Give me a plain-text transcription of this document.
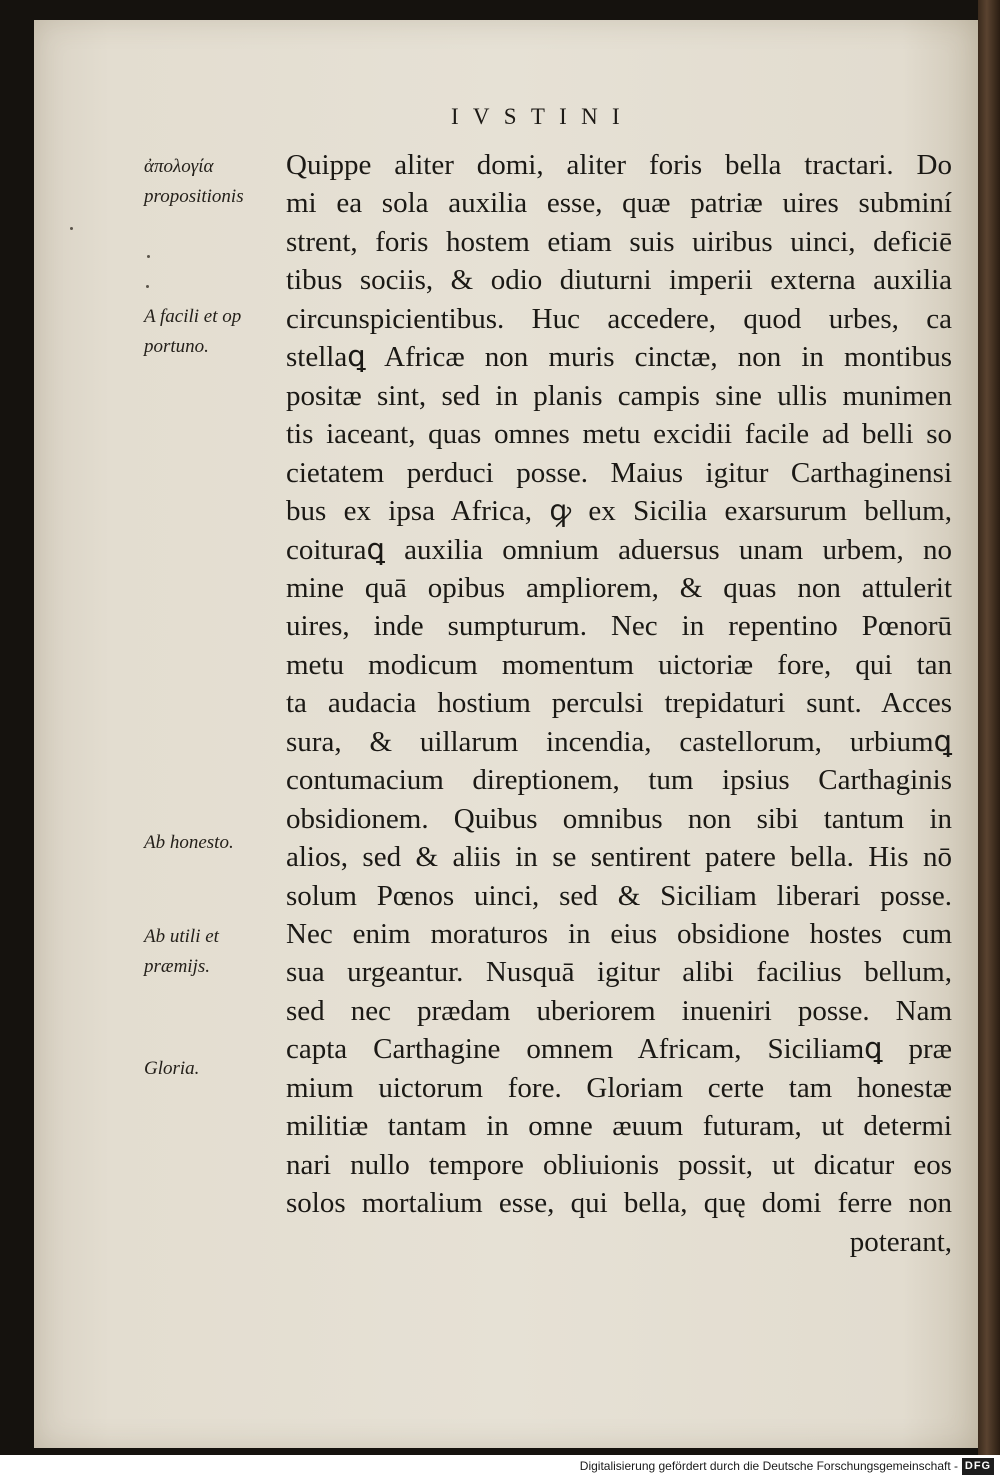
IVSTINI
ἀπολογία
propositionis
A facili et op
portuno.
Ab honesto.
Ab utili et
præmijs.
Gloria.
Quippe aliter domi, aliter foris bella tractari. Do
mi ea sola auxilia esse, quæ patriæ uires subminí
strent, foris hostem etiam suis uiribus uinci, deficiē
tibus sociis, & odio diuturni imperii externa auxilia
circunspicientibus. Huc accedere, quod urbes, ca
stellaꝗ Africæ non muris cinctæ, non in montibus
positæ sint, sed in planis campis sine ullis munimen
tis iaceant, quas omnes metu excidii facile ad belli so
cietatem perduci posse. Maius igitur Carthaginensi
bus ex ipsa Africa, ꝙ ex Sicilia exarsurum bellum,
coituraꝗ auxilia omnium aduersus unam urbem, no
mine quā opibus ampliorem, & quas non attulerit
uires, inde sumpturum. Nec in repentino Pœnorū
metu modicum momentum uictoriæ fore, qui tan
ta audacia hostium perculsi trepidaturi sunt. Acces
sura, & uillarum incendia, castellorum, urbiumꝗ
contumacium direptionem, tum ipsius Carthaginis
obsidionem. Quibus omnibus non sibi tantum in
alios, sed & aliis in se sentirent patere bella. His nō
solum Pœnos uinci, sed & Siciliam liberari posse.
Nec enim moraturos in eius obsidione hostes cum
sua urgeantur. Nusquā igitur alibi facilius bellum,
sed nec prædam uberiorem inueniri posse. Nam
capta Carthagine omnem Africam, Siciliamꝗ præ
mium uictorum fore. Gloriam certe tam honestæ
militiæ tantam in omne æuum futuram, ut determi
nari nullo tempore obliuionis possit, ut dicatur eos
solos mortalium esse, qui bella, quę domi ferre non
poterant,
Digitalisierung gefördert durch die Deutsche Forschungsgemeinschaft - DFG
